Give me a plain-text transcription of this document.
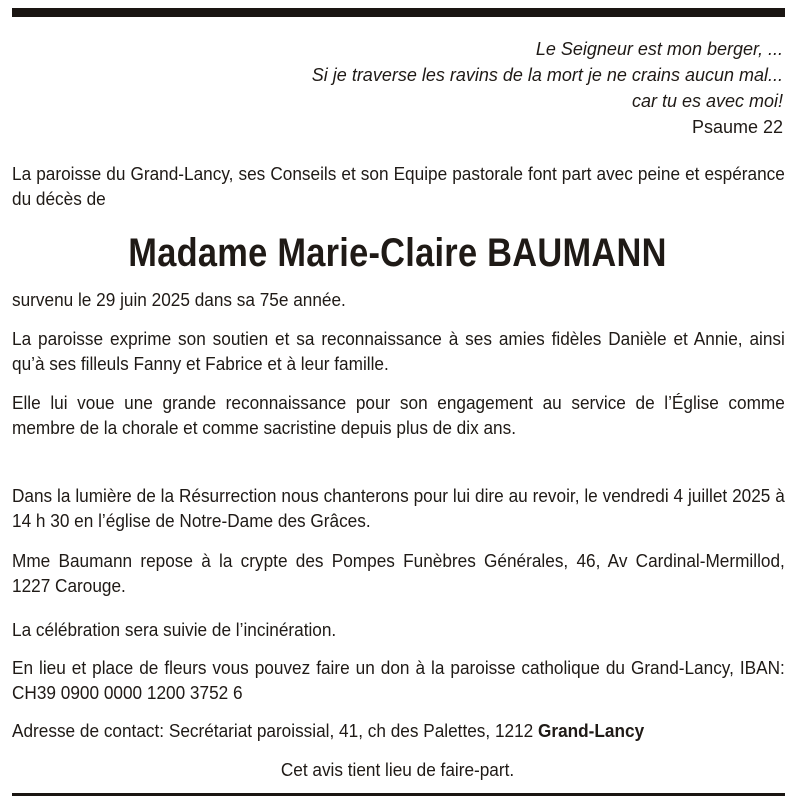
Le Seigneur est mon berger, ...
Si je traverse les ravins de la mort je ne crains aucun mal...
car tu es avec moi!
Psaume 22

La paroisse du Grand-Lancy, ses Conseils et son Equipe pastorale font part avec peine et espérance du décès de

Madame Marie-Claire BAUMANN

survenu le 29 juin 2025 dans sa 75e année.

La paroisse exprime son soutien et sa reconnaissance à ses amies fidèles Danièle et Annie, ainsi qu’à ses filleuls Fanny et Fabrice et à leur famille.

Elle lui voue une grande reconnaissance pour son engagement au service de l’Église comme membre de la chorale et comme sacristine depuis plus de dix ans.

Dans la lumière de la Résurrection nous chanterons pour lui dire au revoir, le vendredi 4 juillet 2025 à 14 h 30 en l’église de Notre-Dame des Grâces.

Mme Baumann repose à la crypte des Pompes Funèbres Générales, 46, Av Cardinal-Mermillod, 1227 Carouge.

La célébration sera suivie de l’incinération.

En lieu et place de fleurs vous pouvez faire un don à la paroisse catholique du Grand-Lancy, IBAN: CH39 0900 0000 1200 3752 6

Adresse de contact: Secrétariat paroissial, 41, ch des Palettes, 1212 Grand-Lancy

Cet avis tient lieu de faire-part.
